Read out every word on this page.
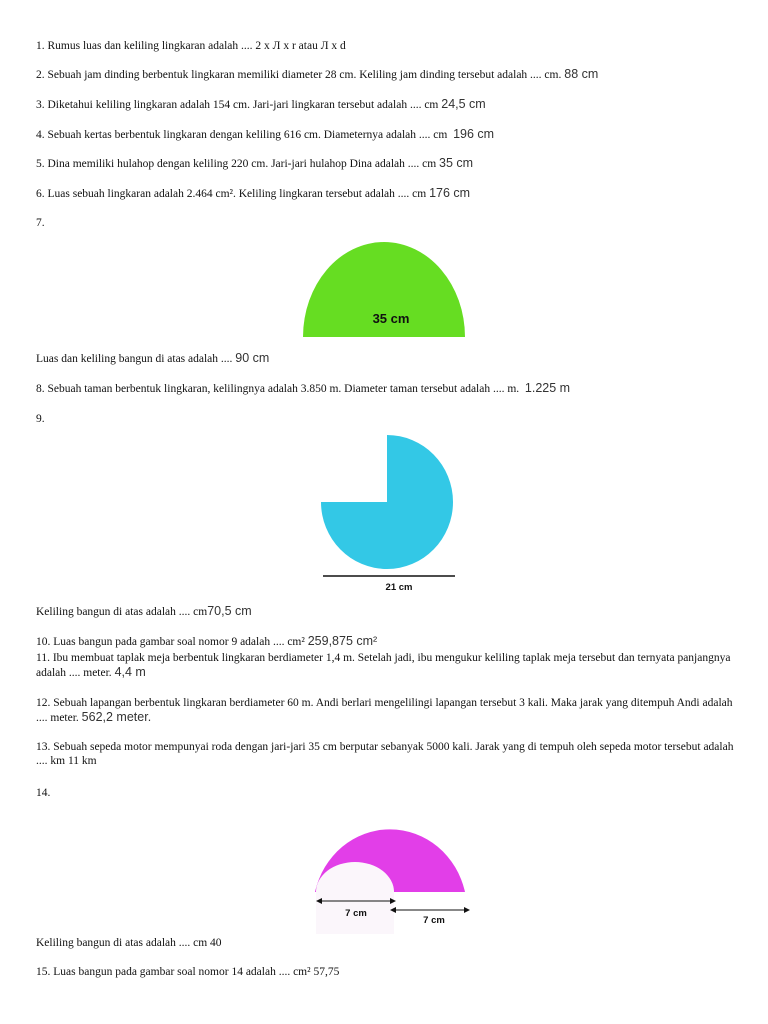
1. Rumus luas dan keliling lingkaran adalah .... 2 x Л x r atau Л x d
2. Sebuah jam dinding berbentuk lingkaran memiliki diameter 28 cm. Keliling jam dinding tersebut adalah .... cm. 88 cm
3. Diketahui keliling lingkaran adalah 154 cm. Jari-jari lingkaran tersebut adalah .... cm 24,5 cm
4. Sebuah kertas berbentuk lingkaran dengan keliling 616 cm. Diameternya adalah .... cm 196 cm
5. Dina memiliki hulahop dengan keliling 220 cm. Jari-jari hulahop Dina adalah .... cm 35 cm
6. Luas sebuah lingkaran adalah 2.464 cm². Keliling lingkaran tersebut adalah .... cm 176 cm
7.
35 cm
Luas dan keliling bangun di atas adalah .... 90 cm
8. Sebuah taman berbentuk lingkaran, kelilingnya adalah 3.850 m. Diameter taman tersebut adalah .... m. 1.225 m
9.
21 cm
Keliling bangun di atas adalah .... cm70,5 cm
10. Luas bangun pada gambar soal nomor 9 adalah .... cm² 259,875 cm²
11. Ibu membuat taplak meja berbentuk lingkaran berdiameter 1,4 m. Setelah jadi, ibu mengukur keliling taplak meja tersebut dan ternyata panjangnya adalah .... meter. 4,4 m
12. Sebuah lapangan berbentuk lingkaran berdiameter 60 m. Andi berlari mengelilingi lapangan tersebut 3 kali. Maka jarak yang ditempuh Andi adalah .... meter. 562,2 meter.
13. Sebuah sepeda motor mempunyai roda dengan jari-jari 35 cm berputar sebanyak 5000 kali. Jarak yang di tempuh oleh sepeda motor tersebut adalah .... km 11 km
14.
7 cm
7 cm
Keliling bangun di atas adalah .... cm 40
15. Luas bangun pada gambar soal nomor 14 adalah .... cm² 57,75
